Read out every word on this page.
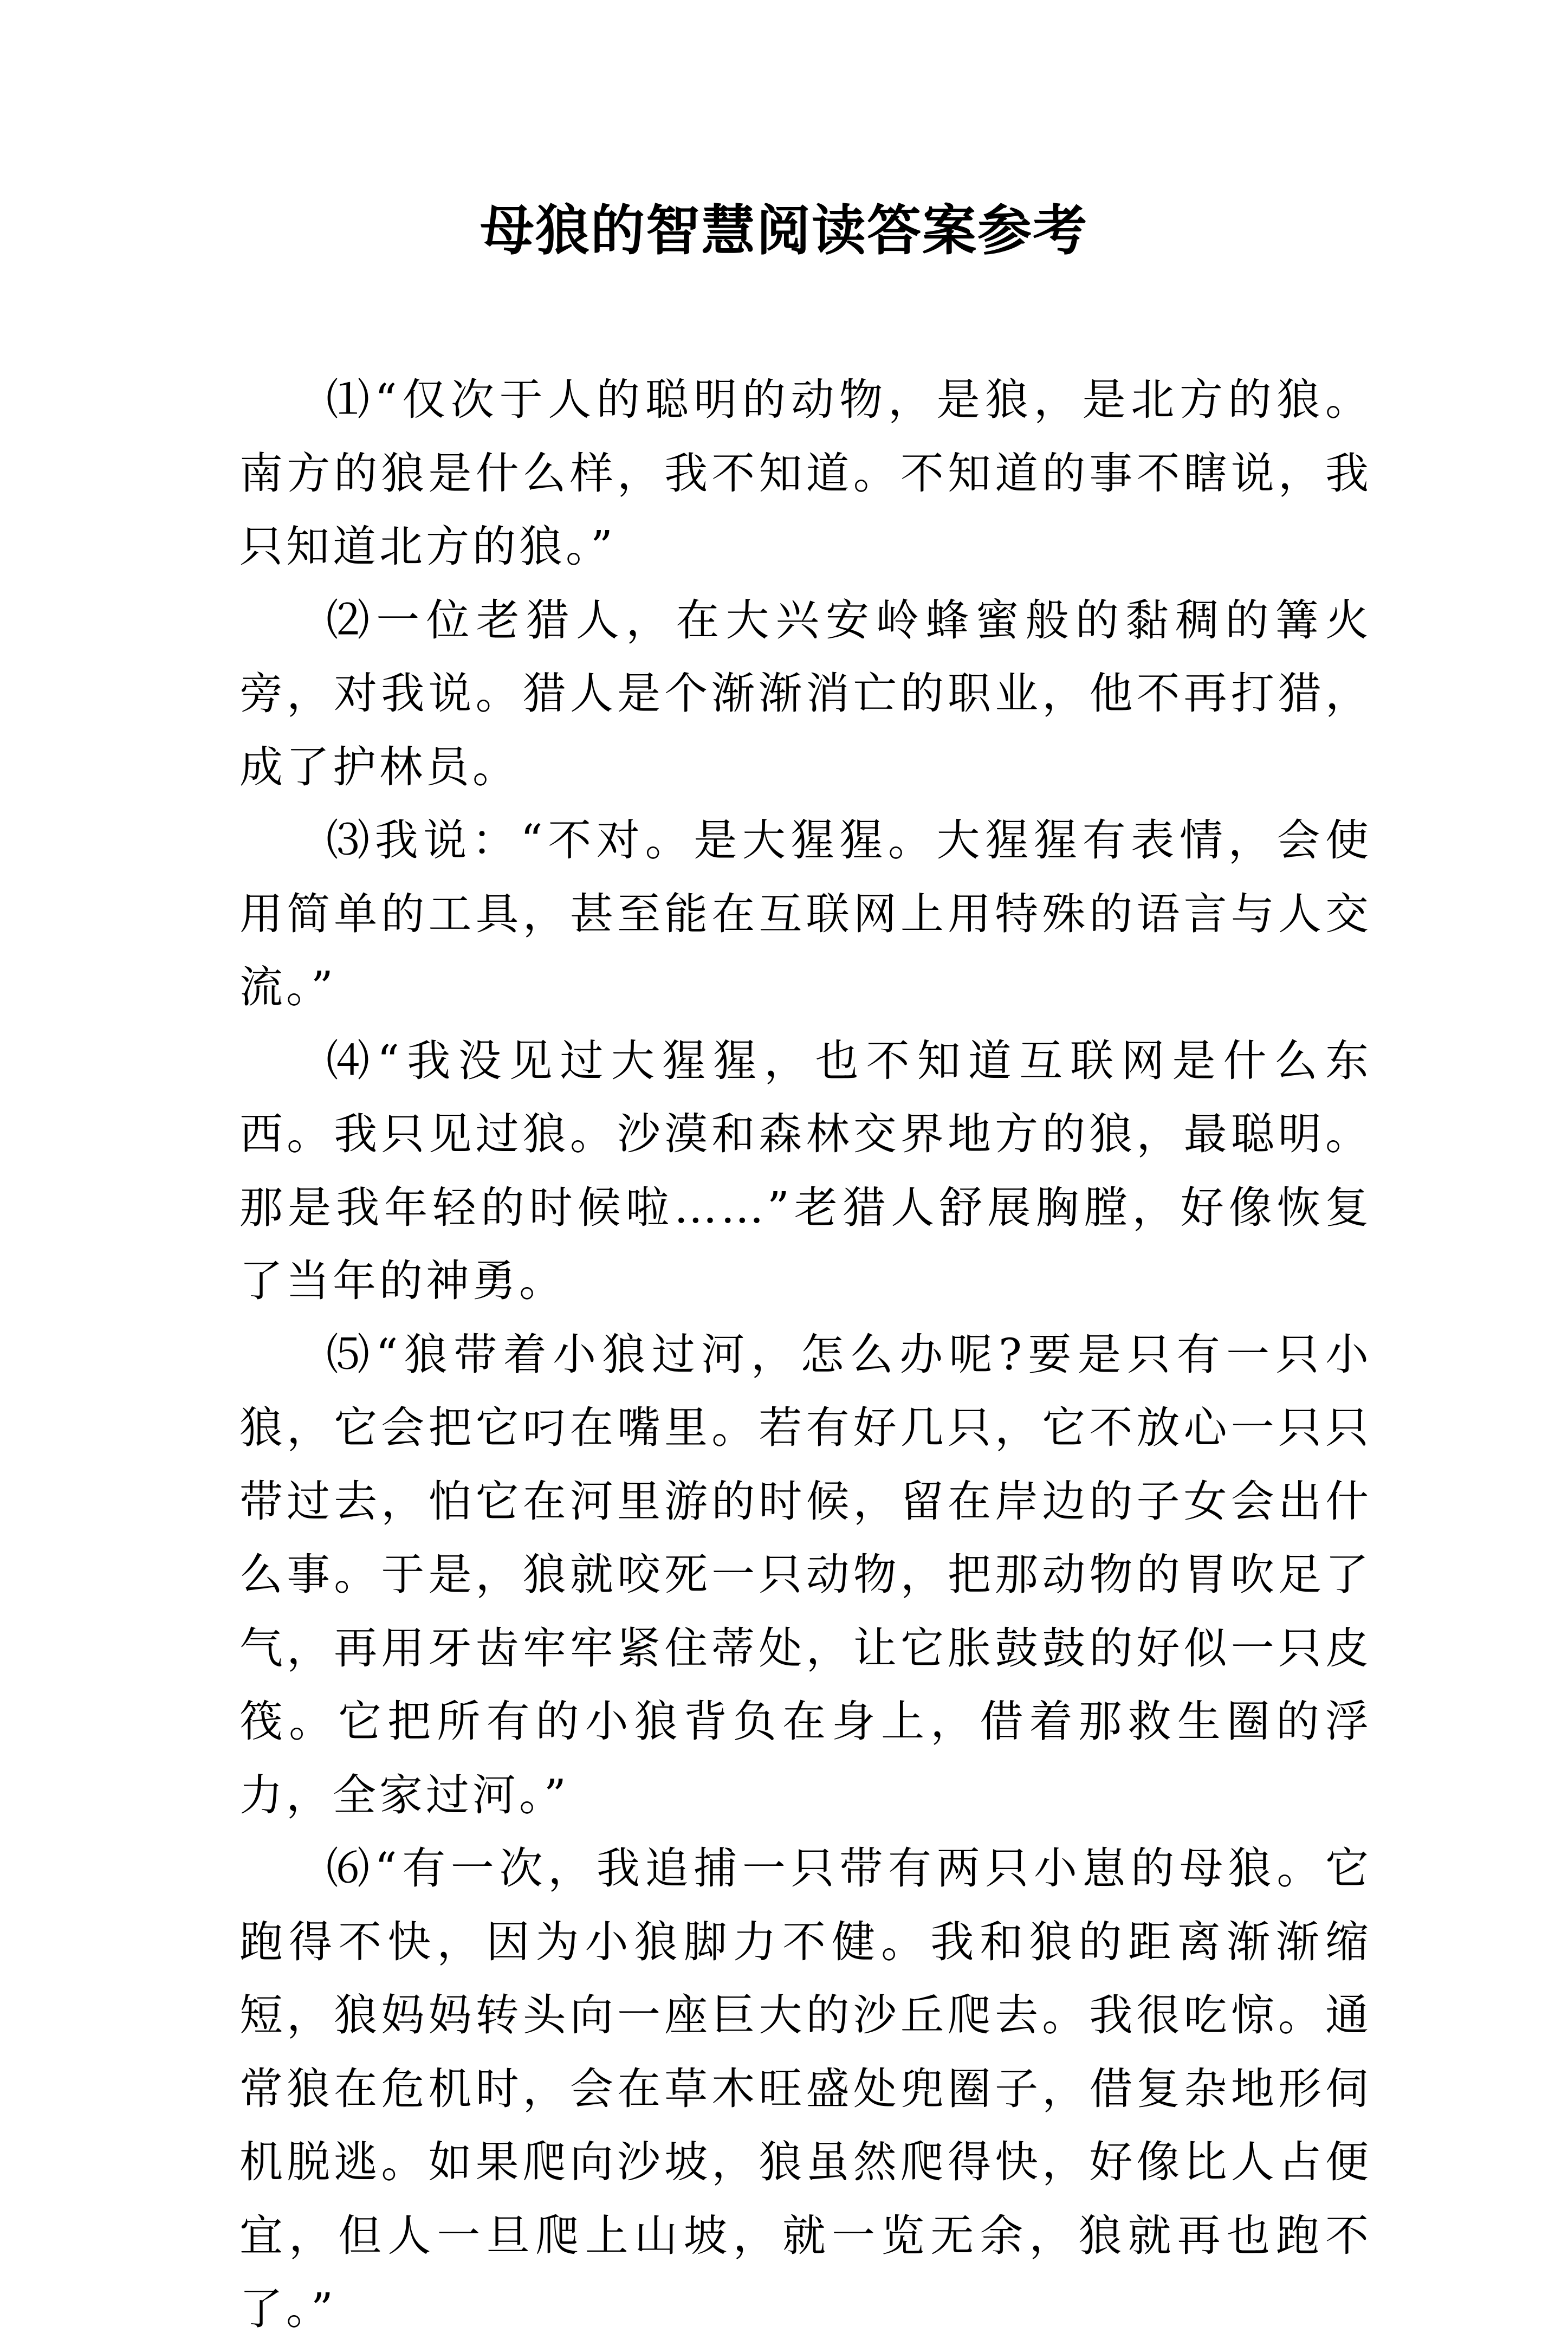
母狼的智慧阅读答案参考

⑴“仅次于人的聪明的动物，是狼，是北方的狼。南方的狼是什么样，我不知道。不知道的事不瞎说，我只知道北方的狼。”

⑵一位老猎人，在大兴安岭蜂蜜般的黏稠的篝火旁，对我说。猎人是个渐渐消亡的职业，他不再打猎，成了护林员。

⑶我说：“不对。是大猩猩。大猩猩有表情，会使用简单的工具，甚至能在互联网上用特殊的语言与人交流。”

⑷“我没见过大猩猩，也不知道互联网是什么东西。我只见过狼。沙漠和森林交界地方的狼，最聪明。那是我年轻的时候啦……”老猎人舒展胸膛，好像恢复了当年的神勇。

⑸“狼带着小狼过河，怎么办呢?要是只有一只小狼，它会把它叼在嘴里。若有好几只，它不放心一只只带过去，怕它在河里游的时候，留在岸边的子女会出什么事。于是，狼就咬死一只动物，把那动物的胃吹足了气，再用牙齿牢牢紧住蒂处，让它胀鼓鼓的好似一只皮筏。它把所有的小狼背负在身上，借着那救生圈的浮力，全家过河。”

⑹“有一次，我追捕一只带有两只小崽的母狼。它跑得不快，因为小狼脚力不健。我和狼的距离渐渐缩短，狼妈妈转头向一座巨大的沙丘爬去。我很吃惊。通常狼在危机时，会在草木旺盛处兜圈子，借复杂地形伺机脱逃。如果爬向沙坡，狼虽然爬得快，好像比人占便宜，但人一旦爬上山坡，就一览无余，狼就再也跑不了。”
